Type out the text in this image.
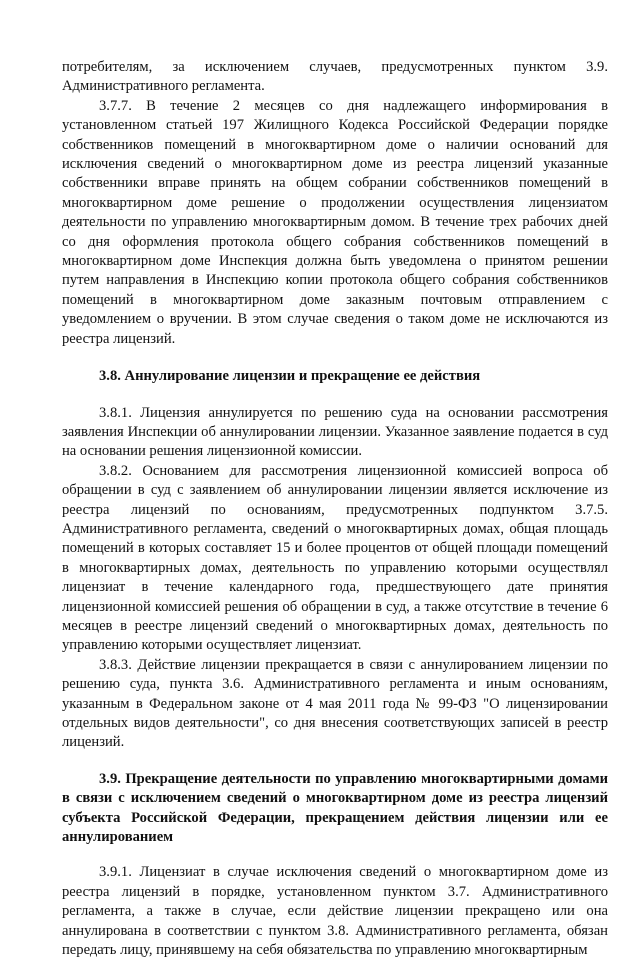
потребителям, за исключением случаев, предусмотренных пунктом 3.9. Административного регламента.

3.7.7. В течение 2 месяцев со дня надлежащего информирования в установленном статьей 197 Жилищного Кодекса Российской Федерации порядке собственников помещений в многоквартирном доме о наличии оснований для исключения сведений о многоквартирном доме из реестра лицензий указанные собственники вправе принять на общем собрании собственников помещений в многоквартирном доме решение о продолжении осуществления лицензиатом деятельности по управлению многоквартирным домом. В течение трех рабочих дней со дня оформления протокола общего собрания собственников помещений в многоквартирном доме Инспекция должна быть уведомлена о принятом решении путем направления в Инспекцию копии протокола общего собрания собственников помещений в многоквартирном доме заказным почтовым отправлением с уведомлением о вручении. В этом случае сведения о таком доме не исключаются из реестра лицензий.

3.8. Аннулирование лицензии и прекращение ее действия

3.8.1. Лицензия аннулируется по решению суда на основании рассмотрения заявления Инспекции об аннулировании лицензии. Указанное заявление подается в суд на основании решения лицензионной комиссии.

3.8.2. Основанием для рассмотрения лицензионной комиссией вопроса об обращении в суд с заявлением об аннулировании лицензии является исключение из реестра лицензий по основаниям, предусмотренных подпунктом 3.7.5. Административного регламента, сведений о многоквартирных домах, общая площадь помещений в которых составляет 15 и более процентов от общей площади помещений в многоквартирных домах, деятельность по управлению которыми осуществлял лицензиат в течение календарного года, предшествующего дате принятия лицензионной комиссией решения об обращении в суд, а также отсутствие в течение 6 месяцев в реестре лицензий сведений о многоквартирных домах, деятельность по управлению которыми осуществляет лицензиат.

3.8.3. Действие лицензии прекращается в связи с аннулированием лицензии по решению суда, пункта 3.6. Административного регламента и иным основаниям, указанным в Федеральном законе от 4 мая 2011 года № 99-ФЗ "О лицензировании отдельных видов деятельности", со дня внесения соответствующих записей в реестр лицензий.

3.9. Прекращение деятельности по управлению многоквартирными домами в связи с исключением сведений о многоквартирном доме из реестра лицензий субъекта Российской Федерации, прекращением действия лицензии или ее аннулированием

3.9.1. Лицензиат в случае исключения сведений о многоквартирном доме из реестра лицензий в порядке, установленном пунктом 3.7. Административного регламента, а также в случае, если действие лицензии прекращено или она аннулирована в соответствии с пунктом 3.8. Административного регламента, обязан передать лицу, принявшему на себя обязательства по управлению многоквартирным
